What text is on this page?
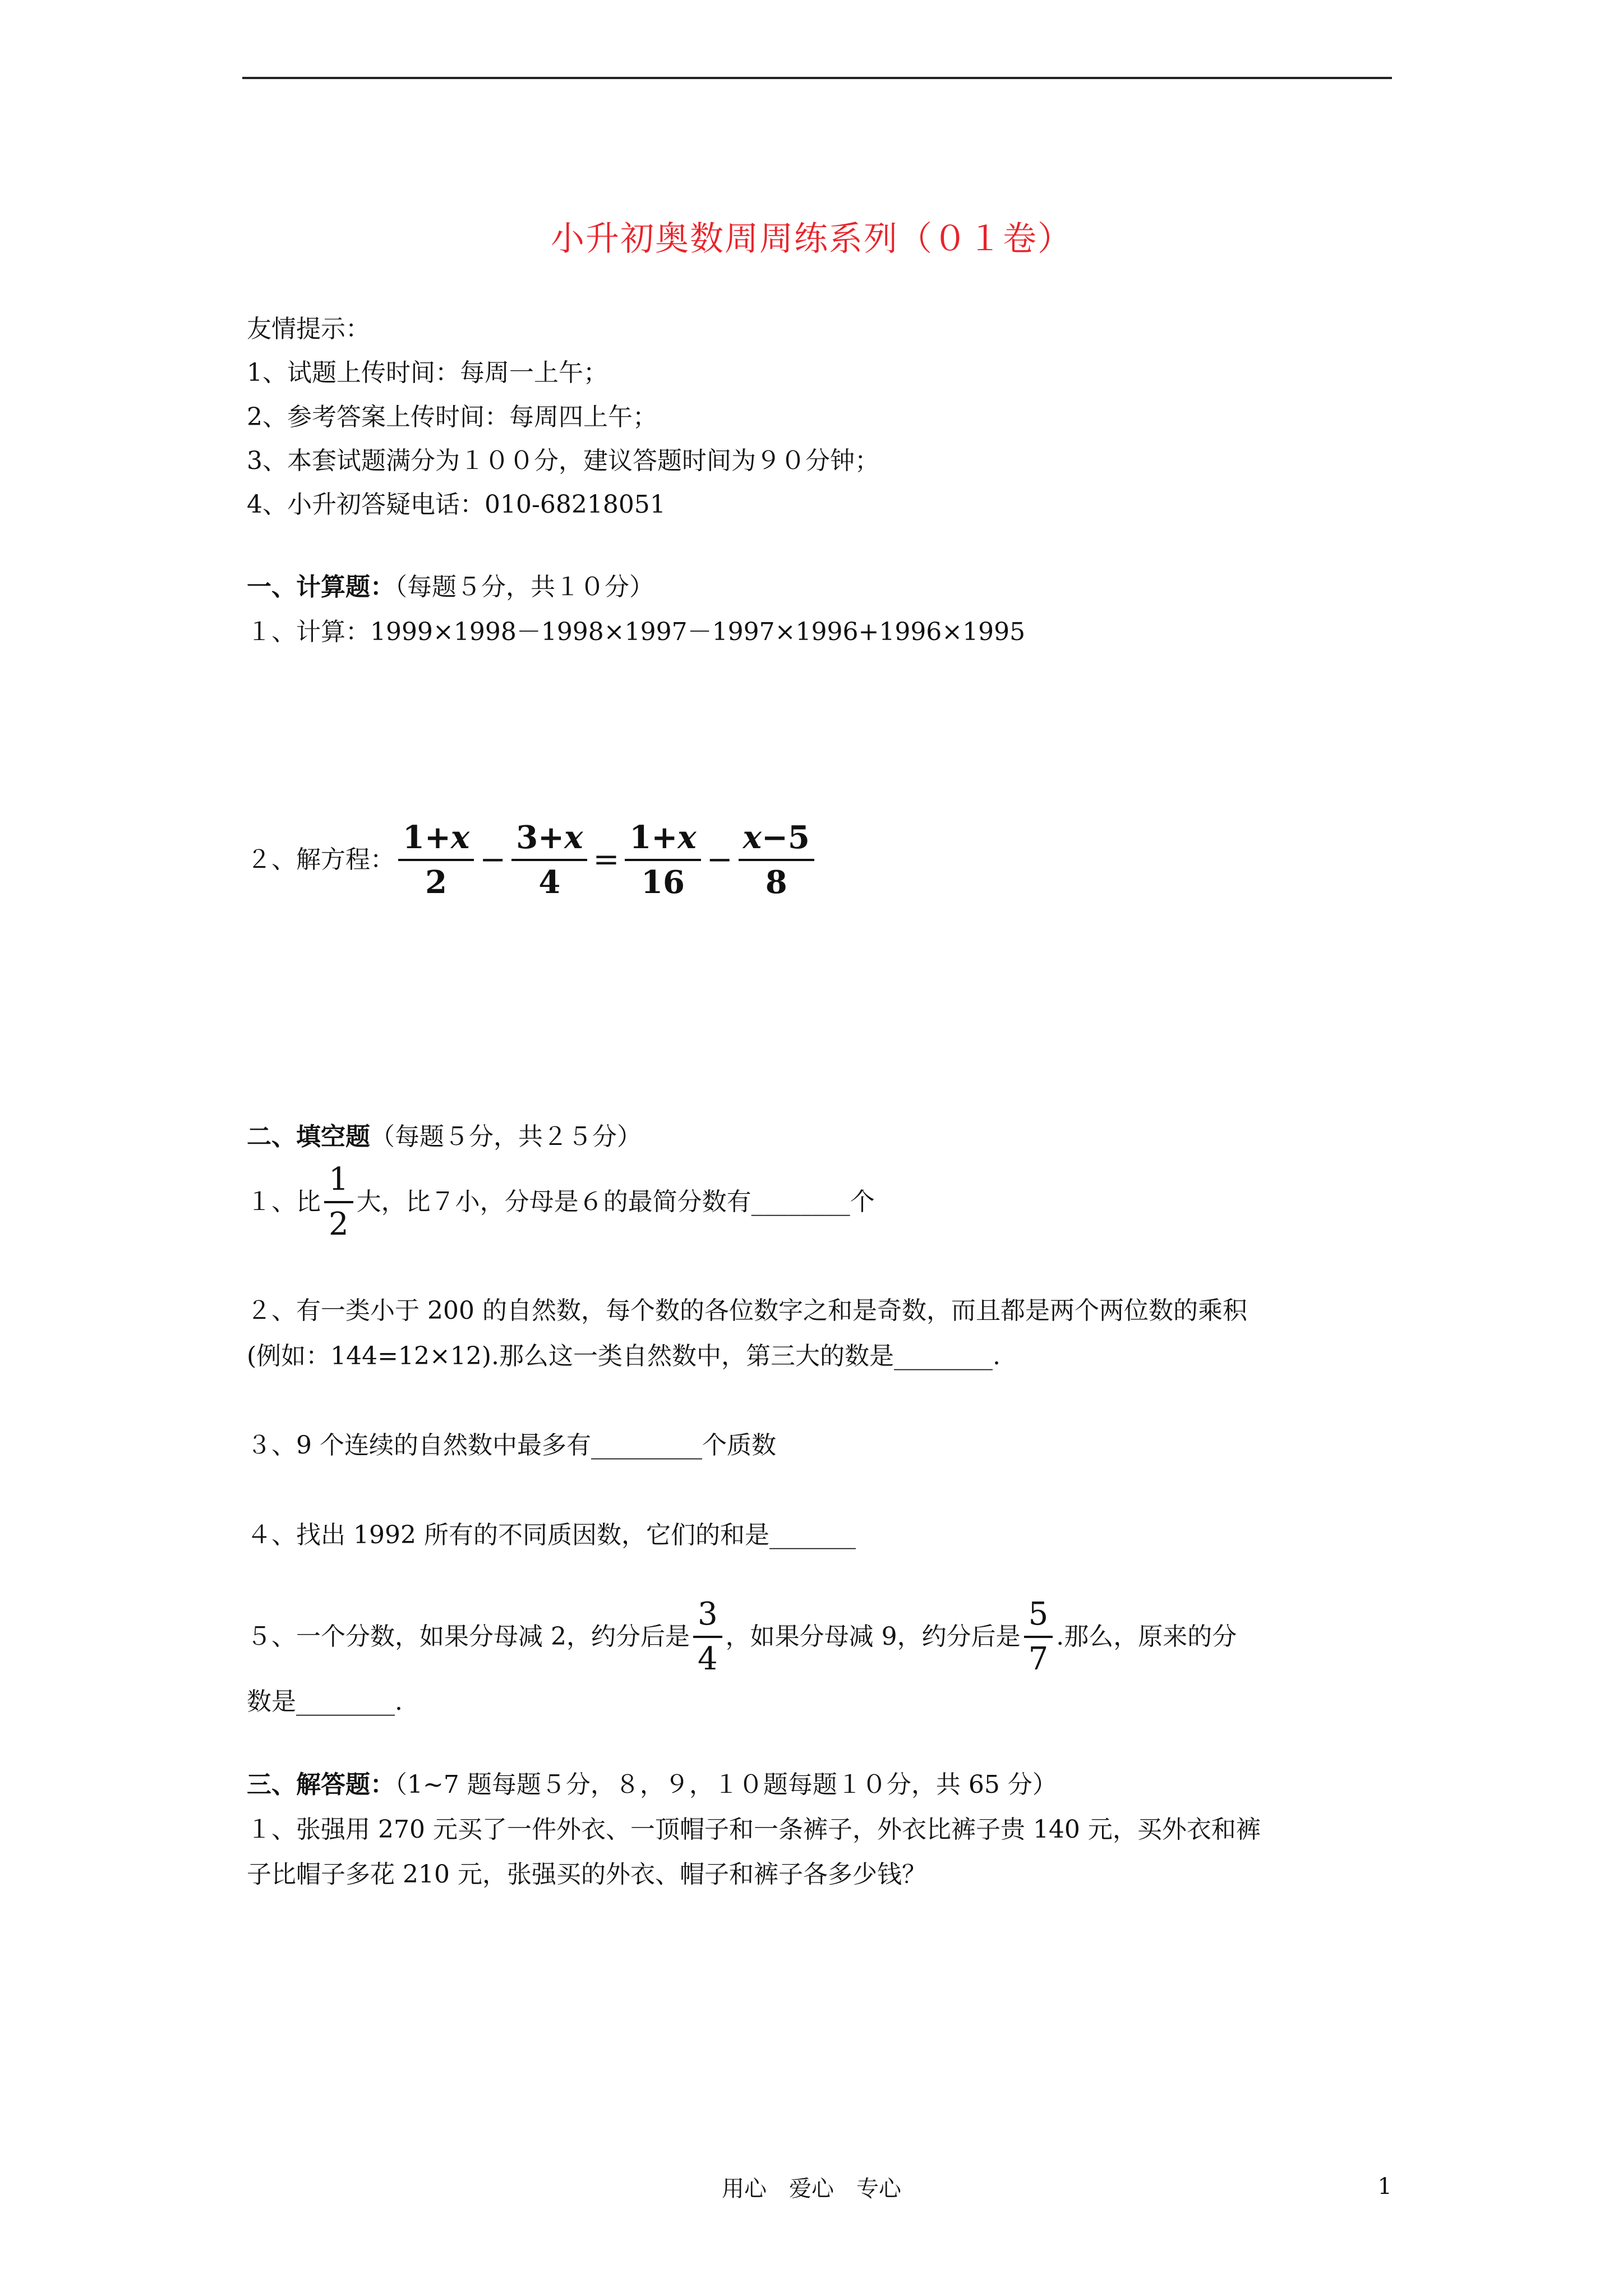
小升初奥数周周练系列（０１卷）
友情提示：
1、试题上传时间：每周一上午；
2、参考答案上传时间：每周四上午；
3、本套试题满分为１００分，建议答题时间为９０分钟；
4、小升初答疑电话：010-68218051
一、计算题：（每题５分，共１０分）
１、计算：1999×1998－1998×1997－1997×1996+1996×1995
２、解方程： $\frac{1+x}{2} - \frac{3+x}{4} = \frac{1+x}{16} - \frac{x-5}{8}$
二、填空题（每题５分，共２５分）
１、比 $\frac{1}{2}$ 大，比７小，分母是６的最简分数有________个
２、有一类小于 200 的自然数，每个数的各位数字之和是奇数，而且都是两个两位数的乘积
(例如：144=12×12).那么这一类自然数中，第三大的数是________.
３、9 个连续的自然数中最多有_________个质数
４、找出 1992 所有的不同质因数，它们的和是_______
５、一个分数，如果分母减 2，约分后是 $\frac{3}{4}$ ，如果分母减 9，约分后是 $\frac{5}{7}$ .那么，原来的分
数是________.
三、解答题：（1~7 题每题５分，８，９，１０题每题１０分，共 65 分）
１、张强用 270 元买了一件外衣、一顶帽子和一条裤子，外衣比裤子贵 140 元，买外衣和裤
子比帽子多花 210 元，张强买的外衣、帽子和裤子各多少钱？
用心　爱心　专心	1
